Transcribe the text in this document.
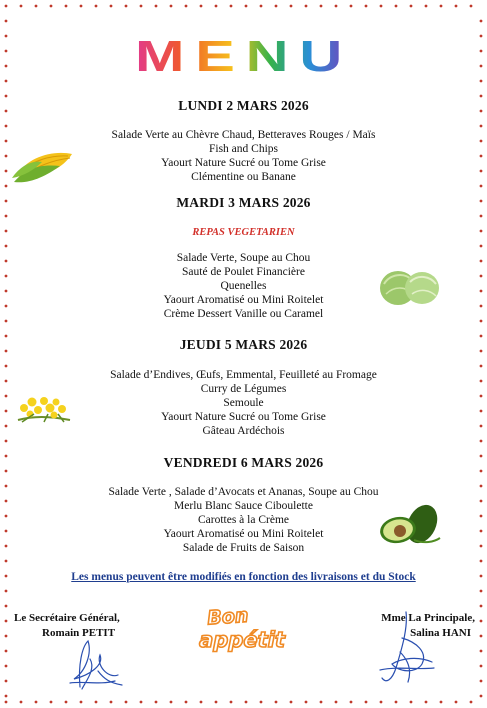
MENU
LUNDI 2 MARS 2026
Salade Verte au Chèvre Chaud, Betteraves Rouges / Maïs
Fish and Chips
Yaourt Nature Sucré ou Tome Grise
Clémentine ou Banane
MARDI 3 MARS 2026
REPAS VEGETARIEN
Salade Verte, Soupe au Chou
Sauté de Poulet Financière
Quenelles
Yaourt Aromatisé ou Mini Roitelet
Crème Dessert Vanille ou Caramel
JEUDI 5 MARS 2026
Salade d’Endives, Œufs, Emmental, Feuilleté au Fromage
Curry de Légumes
Semoule
Yaourt Nature Sucré ou Tome Grise
Gâteau Ardéchois
VENDREDI 6 MARS 2026
Salade Verte , Salade d’Avocats et Ananas, Soupe au Chou
Merlu Blanc Sauce Ciboulette
Carottes à la Crème
Yaourt Aromatisé ou Mini Roitelet
Salade de Fruits de Saison
Les menus peuvent être modifiés en fonction des livraisons et du Stock
Le Secrétaire Général,
Romain PETIT
Mme La Principale,
Salina HANI
Bon
appétit
